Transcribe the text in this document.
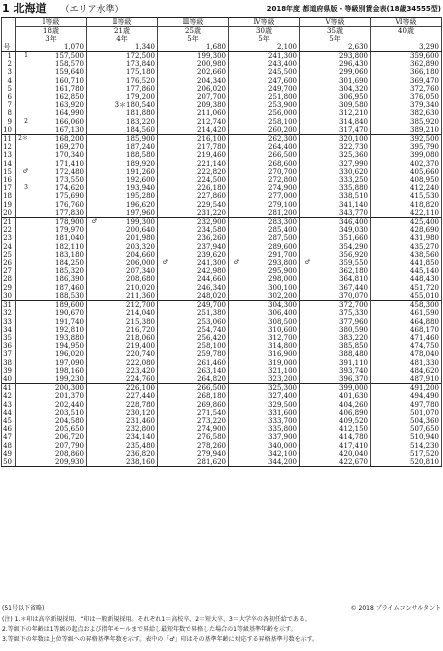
1 北海道 （エリア水準）	2018年度 都道府県版・等級別賃金表(18歳34555型)
	Ⅰ等級	Ⅱ等級	Ⅲ等級	Ⅳ等級	Ⅴ等級	Ⅵ等級
	18歳	21歳	25歳	30歳	35歳	40歳
	3年	4年	5年	5年	5年	
号	1,070	1,340	1,680	2,100	2,630	3,290
1	1 157,500	172,500	199,300	241,300	293,800	359,600
2	158,570	173,840	200,980	243,400	296,430	362,890
3	159,640	175,180	202,660	245,500	299,060	366,180
4	160,710	176,520	204,340	247,600	301,690	369,470
5	161,780	177,860	206,020	249,700	304,320	372,760
6	162,850	179,200	207,700	251,800	306,950	376,050
7	163,920	3＊180,540	209,380	253,900	309,580	379,340
8	164,990	181,880	211,060	256,000	312,210	382,630
9	2 166,060	183,220	212,740	258,100	314,840	385,920
10	167,130	184,560	214,420	260,200	317,470	389,210
11	2＊ 168,200	185,900	216,100	262,300	320,100	392,500
12	169,270	187,240	217,780	264,400	322,730	395,790
13	170,340	188,580	219,460	266,500	325,360	399,080
14	171,410	189,920	221,140	268,600	327,990	402,370
15	♂ 172,480	191,260	222,820	270,700	330,620	405,660
16	173,550	192,600	224,500	272,800	333,250	408,950
17	3 174,620	193,940	226,180	274,900	335,880	412,240
18	175,690	195,280	227,860	277,000	338,510	415,530
19	176,760	196,620	229,540	279,100	341,140	418,820
20	177,830	197,960	231,220	281,200	343,770	422,110
21	178,900	♂ 199,300	232,900	283,300	346,400	425,400
22	179,970	200,640	234,580	285,400	349,030	428,690
23	181,040	201,980	236,260	287,500	351,660	431,980
24	182,110	203,320	237,940	289,600	354,290	435,270
25	183,180	204,660	239,620	291,700	356,920	438,560
26	184,250	206,000	♂ 241,300	♂ 293,800	♂ 359,550	441,850
27	185,320	207,340	242,980	295,900	362,180	445,140
28	186,390	208,680	244,660	298,000	364,810	448,430
29	187,460	210,020	246,340	300,100	367,440	451,720
30	188,530	211,360	248,020	302,200	370,070	455,010
31	189,600	212,700	249,700	304,300	372,700	458,300
32	190,670	214,040	251,380	306,400	375,330	461,590
33	191,740	215,380	253,060	308,500	377,960	464,880
34	192,810	216,720	254,740	310,600	380,590	468,170
35	193,880	218,060	256,420	312,700	383,220	471,460
36	194,950	219,400	258,100	314,800	385,850	474,750
37	196,020	220,740	259,780	316,900	388,480	478,040
38	197,090	222,080	261,460	319,000	391,110	481,330
39	198,160	223,420	263,140	321,100	393,740	484,620
40	199,230	224,760	264,820	323,200	396,370	487,910
41	200,300	226,100	266,500	325,300	399,000	491,200
42	201,370	227,440	268,180	327,400	401,630	494,490
43	202,440	228,780	269,860	329,500	404,260	497,780
44	203,510	230,120	271,540	331,600	406,890	501,070
45	204,580	231,460	273,220	333,700	409,520	504,360
46	205,650	232,800	274,900	335,800	412,150	507,650
47	206,720	234,140	276,580	337,900	414,780	510,940
48	207,790	235,480	278,260	340,000	417,410	514,230
49	208,860	236,820	279,940	342,100	420,040	517,520
50	209,930	238,160	281,620	344,200	422,670	520,810
(51号以下省略)	© 2018 プライムコンサルタント
(注) 1.＊印は高卒新規採用、“印は一般新規採用。それぞれ1＝高校卒、2＝短大卒、3＝大学卒の各初任給である。
2.等級下の年齢は1等級の起点および指年モールまで昇給し最短年数で昇格した場合の1等級基準年齢を示す。
3.等級下の年数は上位等級への昇格基準年数を示す。表中の「♂」印はその基準年齢に対応する昇格基準号数を示す。
